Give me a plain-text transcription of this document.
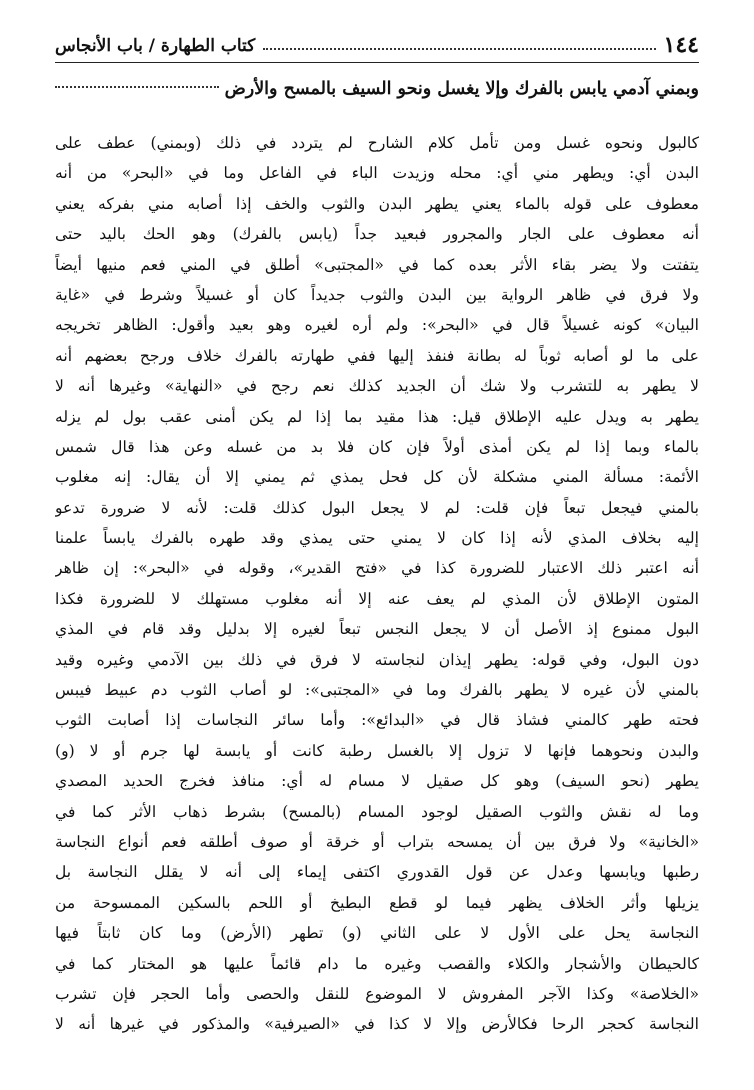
١٤٤
كتاب الطهارة / باب الأنجاس
وبمني آدمي يابس بالفرك وإلا يغسل ونحو السيف بالمسح والأرض
كالبول ونحوه غسل ومن تأمل كلام الشارح لم يتردد في ذلك (وبمني) عطف على
البدن أي: ويطهر مني أي: محله وزيدت الباء في الفاعل وما في «البحر» من أنه
معطوف على قوله بالماء يعني يطهر البدن والثوب والخف إذا أصابه مني بفركه يعني
أنه معطوف على الجار والمجرور فبعيد جداً (يابس بالفرك) وهو الحك باليد حتى
يتفتت ولا يضر بقاء الأثر بعده كما في «المجتبى» أطلق في المني فعم منيها أيضاً
ولا فرق في ظاهر الرواية بين البدن والثوب جديداً كان أو غسيلاً وشرط في «غاية
البيان» كونه غسيلاً قال في «البحر»: ولم أره لغيره وهو بعيد وأقول: الظاهر تخريجه
على ما لو أصابه ثوباً له بطانة فنفذ إليها ففي طهارته بالفرك خلاف ورجح بعضهم أنه
لا يطهر به للتشرب ولا شك أن الجديد كذلك نعم رجح في «النهاية» وغيرها أنه لا
يطهر به ويدل عليه الإطلاق قيل: هذا مقيد بما إذا لم يكن أمنى عقب بول لم يزله
بالماء وبما إذا لم يكن أمذى أولاً فإن كان فلا بد من غسله وعن هذا قال شمس
الأئمة: مسألة المني مشكلة لأن كل فحل يمذي ثم يمني إلا أن يقال: إنه مغلوب
بالمني فيجعل تبعاً فإن قلت: لم لا يجعل البول كذلك قلت: لأنه لا ضرورة تدعو
إليه بخلاف المذي لأنه إذا كان لا يمني حتى يمذي وقد طهره بالفرك يابساً علمنا
أنه اعتبر ذلك الاعتبار للضرورة كذا في «فتح القدير»، وقوله في «البحر»: إن ظاهر
المتون الإطلاق لأن المذي لم يعف عنه إلا أنه مغلوب مستهلك لا للضرورة فكذا
البول ممنوع إذ الأصل أن لا يجعل النجس تبعاً لغيره إلا بدليل وقد قام في المذي
دون البول، وفي قوله: يطهر إيذان لنجاسته لا فرق في ذلك بين الآدمي وغيره وقيد
بالمني لأن غيره لا يطهر بالفرك وما في «المجتبى»: لو أصاب الثوب دم عبيط فيبس
فحته طهر كالمني فشاذ قال في «البدائع»: وأما سائر النجاسات إذا أصابت الثوب
والبدن ونحوهما فإنها لا تزول إلا بالغسل رطبة كانت أو يابسة لها جرم أو لا (و)
يطهر (نحو السيف) وهو كل صقيل لا مسام له أي: منافذ فخرج الحديد المصدي
وما له نقش والثوب الصقيل لوجود المسام (بالمسح) بشرط ذهاب الأثر كما في
«الخانية» ولا فرق بين أن يمسحه بتراب أو خرقة أو صوف أطلقه فعم أنواع النجاسة
رطبها ويابسها وعدل عن قول القدوري اكتفى إيماء إلى أنه لا يقلل النجاسة بل
يزيلها وأثر الخلاف يظهر فيما لو قطع البطيخ أو اللحم بالسكين الممسوحة من
النجاسة يحل على الأول لا على الثاني (و) تطهر (الأرض) وما كان ثابتاً فيها
كالحيطان والأشجار والكلاء والقصب وغيره ما دام قائماً عليها هو المختار كما في
«الخلاصة» وكذا الآجر المفروش لا الموضوع للنقل والحصى وأما الحجر فإن تشرب
النجاسة كحجر الرحا فكالأرض وإلا لا كذا في «الصيرفية» والمذكور في غيرها أنه لا
